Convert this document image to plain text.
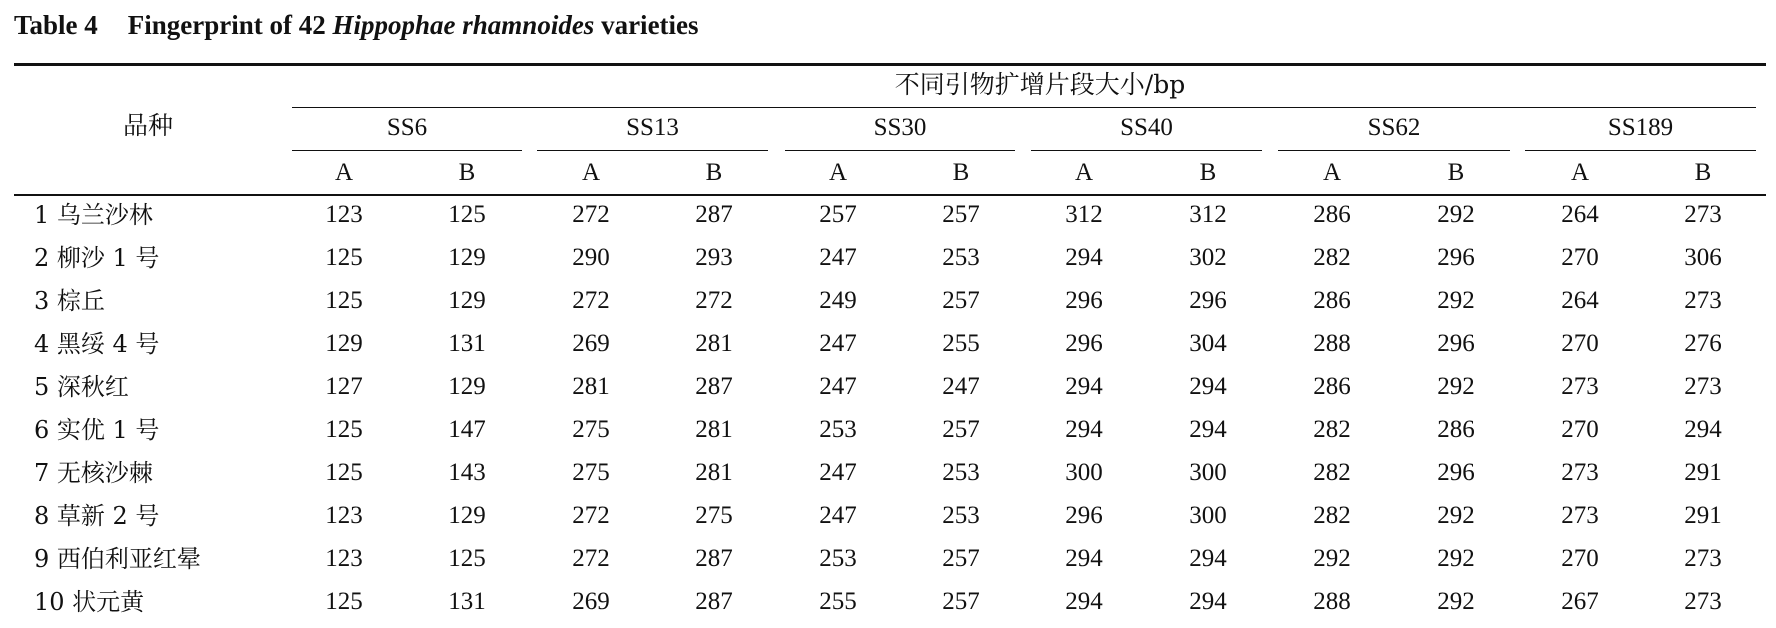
Table 4 Fingerprint of 42 Hippophae rhamnoides varieties
品种
不同引物扩增片段大小/bp
SS6
A	B
SS13
A	B
SS30
A	B
SS40
A	B
SS62
A	B
SS189
A	B
1 乌兰沙林	123	125	272	287	257	257	312	312	286	292	264	273
2 柳沙 1 号	125	129	290	293	247	253	294	302	282	296	270	306
3 棕丘	125	129	272	272	249	257	296	296	286	292	264	273
4 黑绥 4 号	129	131	269	281	247	255	296	304	288	296	270	276
5 深秋红	127	129	281	287	247	247	294	294	286	292	273	273
6 实优 1 号	125	147	275	281	253	257	294	294	282	286	270	294
7 无核沙棘	125	143	275	281	247	253	300	300	282	296	273	291
8 草新 2 号	123	129	272	275	247	253	296	300	282	292	273	291
9 西伯利亚红晕	123	125	272	287	253	257	294	294	292	292	270	273
10 状元黄	125	131	269	287	255	257	294	294	288	292	267	273
